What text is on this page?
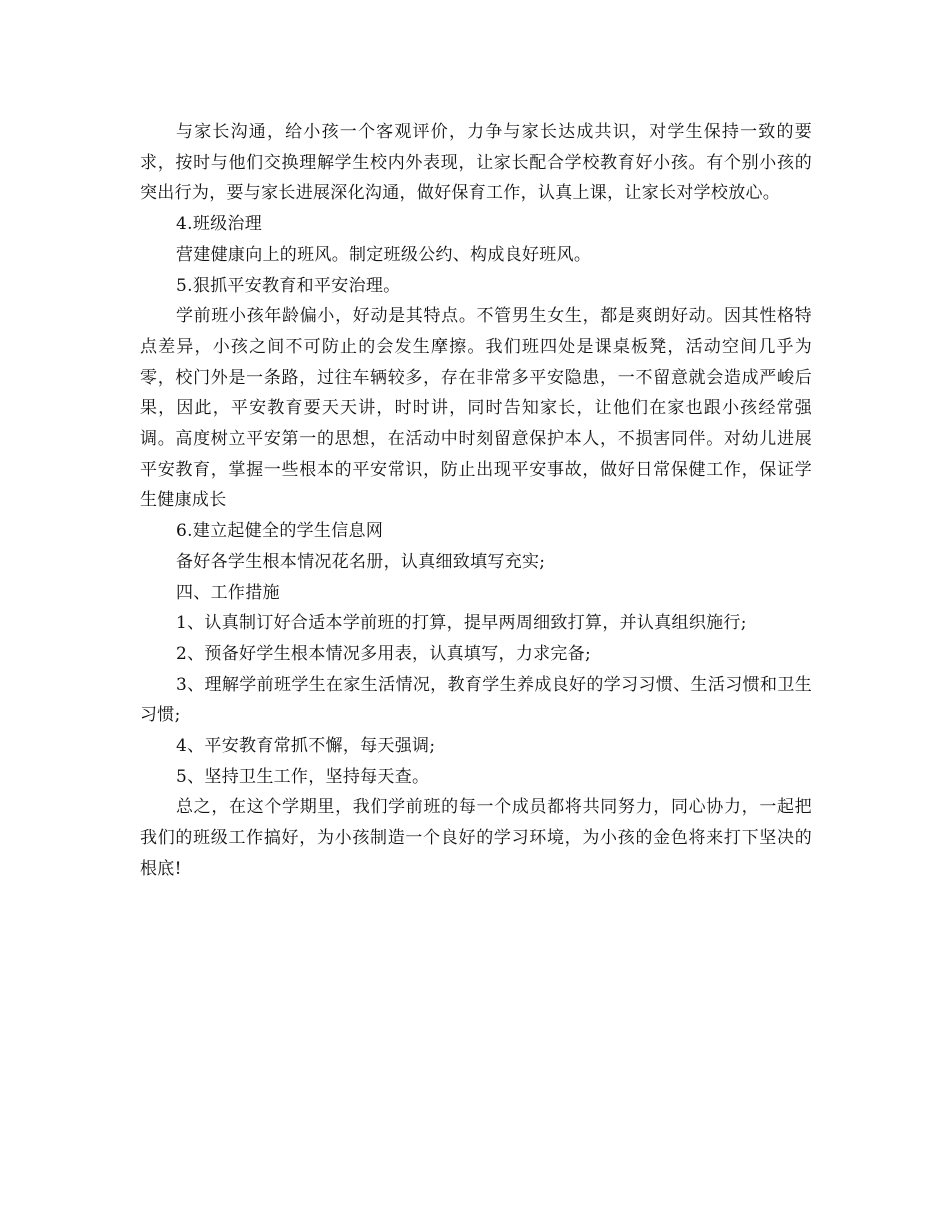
与家长沟通，给小孩一个客观评价，力争与家长达成共识，对学生保持一致的要求，按时与他们交换理解学生校内外表现，让家长配合学校教育好小孩。有个别小孩的突出行为，要与家长进展深化沟通，做好保育工作，认真上课，让家长对学校放心。

4.班级治理

营建健康向上的班风。制定班级公约、构成良好班风。

5.狠抓平安教育和平安治理。

学前班小孩年龄偏小，好动是其特点。不管男生女生，都是爽朗好动。因其性格特点差异，小孩之间不可防止的会发生摩擦。我们班四处是课桌板凳，活动空间几乎为零，校门外是一条路，过往车辆较多，存在非常多平安隐患，一不留意就会造成严峻后果，因此，平安教育要天天讲，时时讲，同时告知家长，让他们在家也跟小孩经常强调。高度树立平安第一的思想，在活动中时刻留意保护本人，不损害同伴。对幼儿进展平安教育，掌握一些根本的平安常识，防止出现平安事故，做好日常保健工作，保证学生健康成长

6.建立起健全的学生信息网

备好各学生根本情况花名册，认真细致填写充实;

四、工作措施

1、认真制订好合适本学前班的打算，提早两周细致打算，并认真组织施行;

2、预备好学生根本情况多用表，认真填写，力求完备;

3、理解学前班学生在家生活情况，教育学生养成良好的学习习惯、生活习惯和卫生习惯;

4、平安教育常抓不懈，每天强调;

5、坚持卫生工作，坚持每天查。

总之，在这个学期里，我们学前班的每一个成员都将共同努力，同心协力，一起把我们的班级工作搞好，为小孩制造一个良好的学习环境，为小孩的金色将来打下坚决的根底!
